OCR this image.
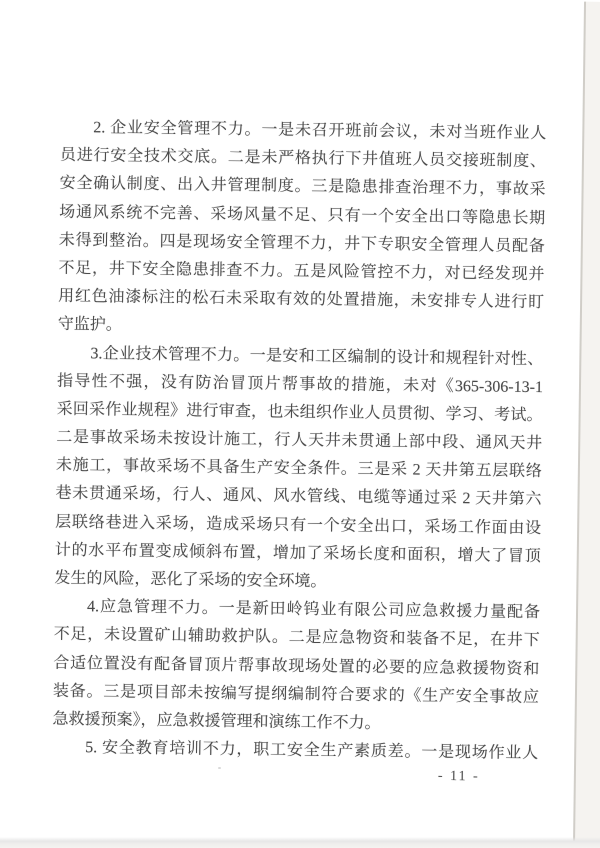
2. 企业安全管理不力。一是未召开班前会议，未对当班作业人
员进行安全技术交底。二是未严格执行下井值班人员交接班制度、
安全确认制度、出入井管理制度。三是隐患排查治理不力，事故采
场通风系统不完善、采场风量不足、只有一个安全出口等隐患长期
未得到整治。四是现场安全管理不力，井下专职安全管理人员配备
不足，井下安全隐患排查不力。五是风险管控不力，对已经发现并
用红色油漆标注的松石未采取有效的处置措施，未安排专人进行盯
守监护。
3.企业技术管理不力。一是安和工区编制的设计和规程针对性、
指导性不强，没有防治冒顶片帮事故的措施，未对《365-306-13-1
采回采作业规程》进行审查，也未组织作业人员贯彻、学习、考试。
二是事故采场未按设计施工，行人天井未贯通上部中段、通风天井
未施工，事故采场不具备生产安全条件。三是采 2 天井第五层联络
巷未贯通采场，行人、通风、风水管线、电缆等通过采 2 天井第六
层联络巷进入采场，造成采场只有一个安全出口，采场工作面由设
计的水平布置变成倾斜布置，增加了采场长度和面积，增大了冒顶
发生的风险，恶化了采场的安全环境。
4.应急管理不力。一是新田岭钨业有限公司应急救援力量配备
不足，未设置矿山辅助救护队。二是应急物资和装备不足，在井下
合适位置没有配备冒顶片帮事故现场处置的必要的应急救援物资和
装备。三是项目部未按编写提纲编制符合要求的《生产安全事故应
急救援预案》，应急救援管理和演练工作不力。
5. 安全教育培训不力，职工安全生产素质差。一是现场作业人
- 11 -
